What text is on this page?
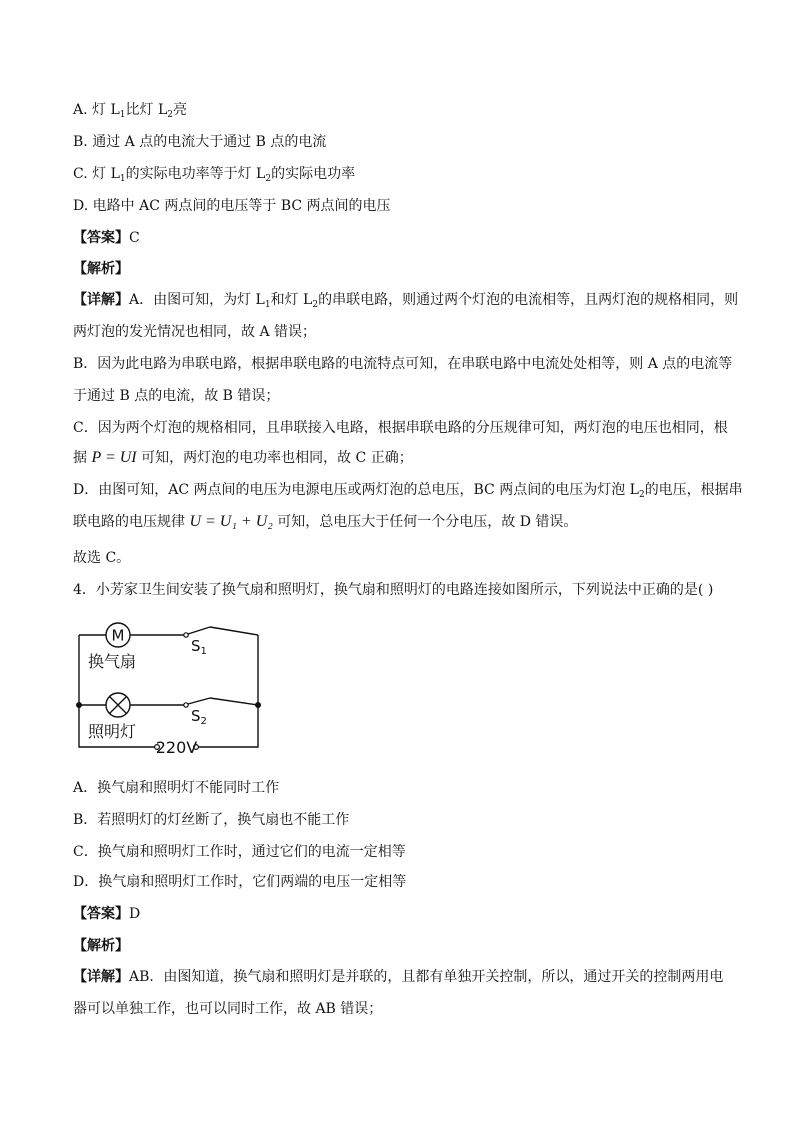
A. 灯 $L_1$比灯 $L_2$亮
B. 通过 A 点的电流大于通过 B 点的电流
C. 灯 $L_1$的实际电功率等于灯 $L_2$的实际电功率
D. 电路中 AC 两点间的电压等于 BC 两点间的电压
【答案】C
【解析】
【详解】A．由图可知，为灯 $L_1$和灯 $L_2$的串联电路，则通过两个灯泡的电流相等，且两灯泡的规格相同，则
两灯泡的发光情况也相同，故 A 错误；
B．因为此电路为串联电路，根据串联电路的电流特点可知，在串联电路中电流处处相等，则 A 点的电流等
于通过 B 点的电流，故 B 错误；
C．因为两个灯泡的规格相同，且串联接入电路，根据串联电路的分压规律可知，两灯泡的电压也相同，根
据 P = UI 可知，两灯泡的电功率也相同，故 C 正确；
D．由图可知，AC 两点间的电压为电源电压或两灯泡的总电压，BC 两点间的电压为灯泡 $L_2$的电压，根据串
联电路的电压规律 U = U₁ + U₂ 可知，总电压大于任何一个分电压，故 D 错误。
故选 C。
4．小芳家卫生间安装了换气扇和照明灯，换气扇和照明灯的电路连接如图所示，下列说法中正确的是( )
M
换气扇
照明灯
$S_1$
$S_2$
220V
A．换气扇和照明灯不能同时工作
B．若照明灯的灯丝断了，换气扇也不能工作
C．换气扇和照明灯工作时，通过它们的电流一定相等
D．换气扇和照明灯工作时，它们两端的电压一定相等
【答案】D
【解析】
【详解】AB．由图知道，换气扇和照明灯是并联的，且都有单独开关控制，所以，通过开关的控制两用电
器可以单独工作，也可以同时工作，故 AB 错误；
